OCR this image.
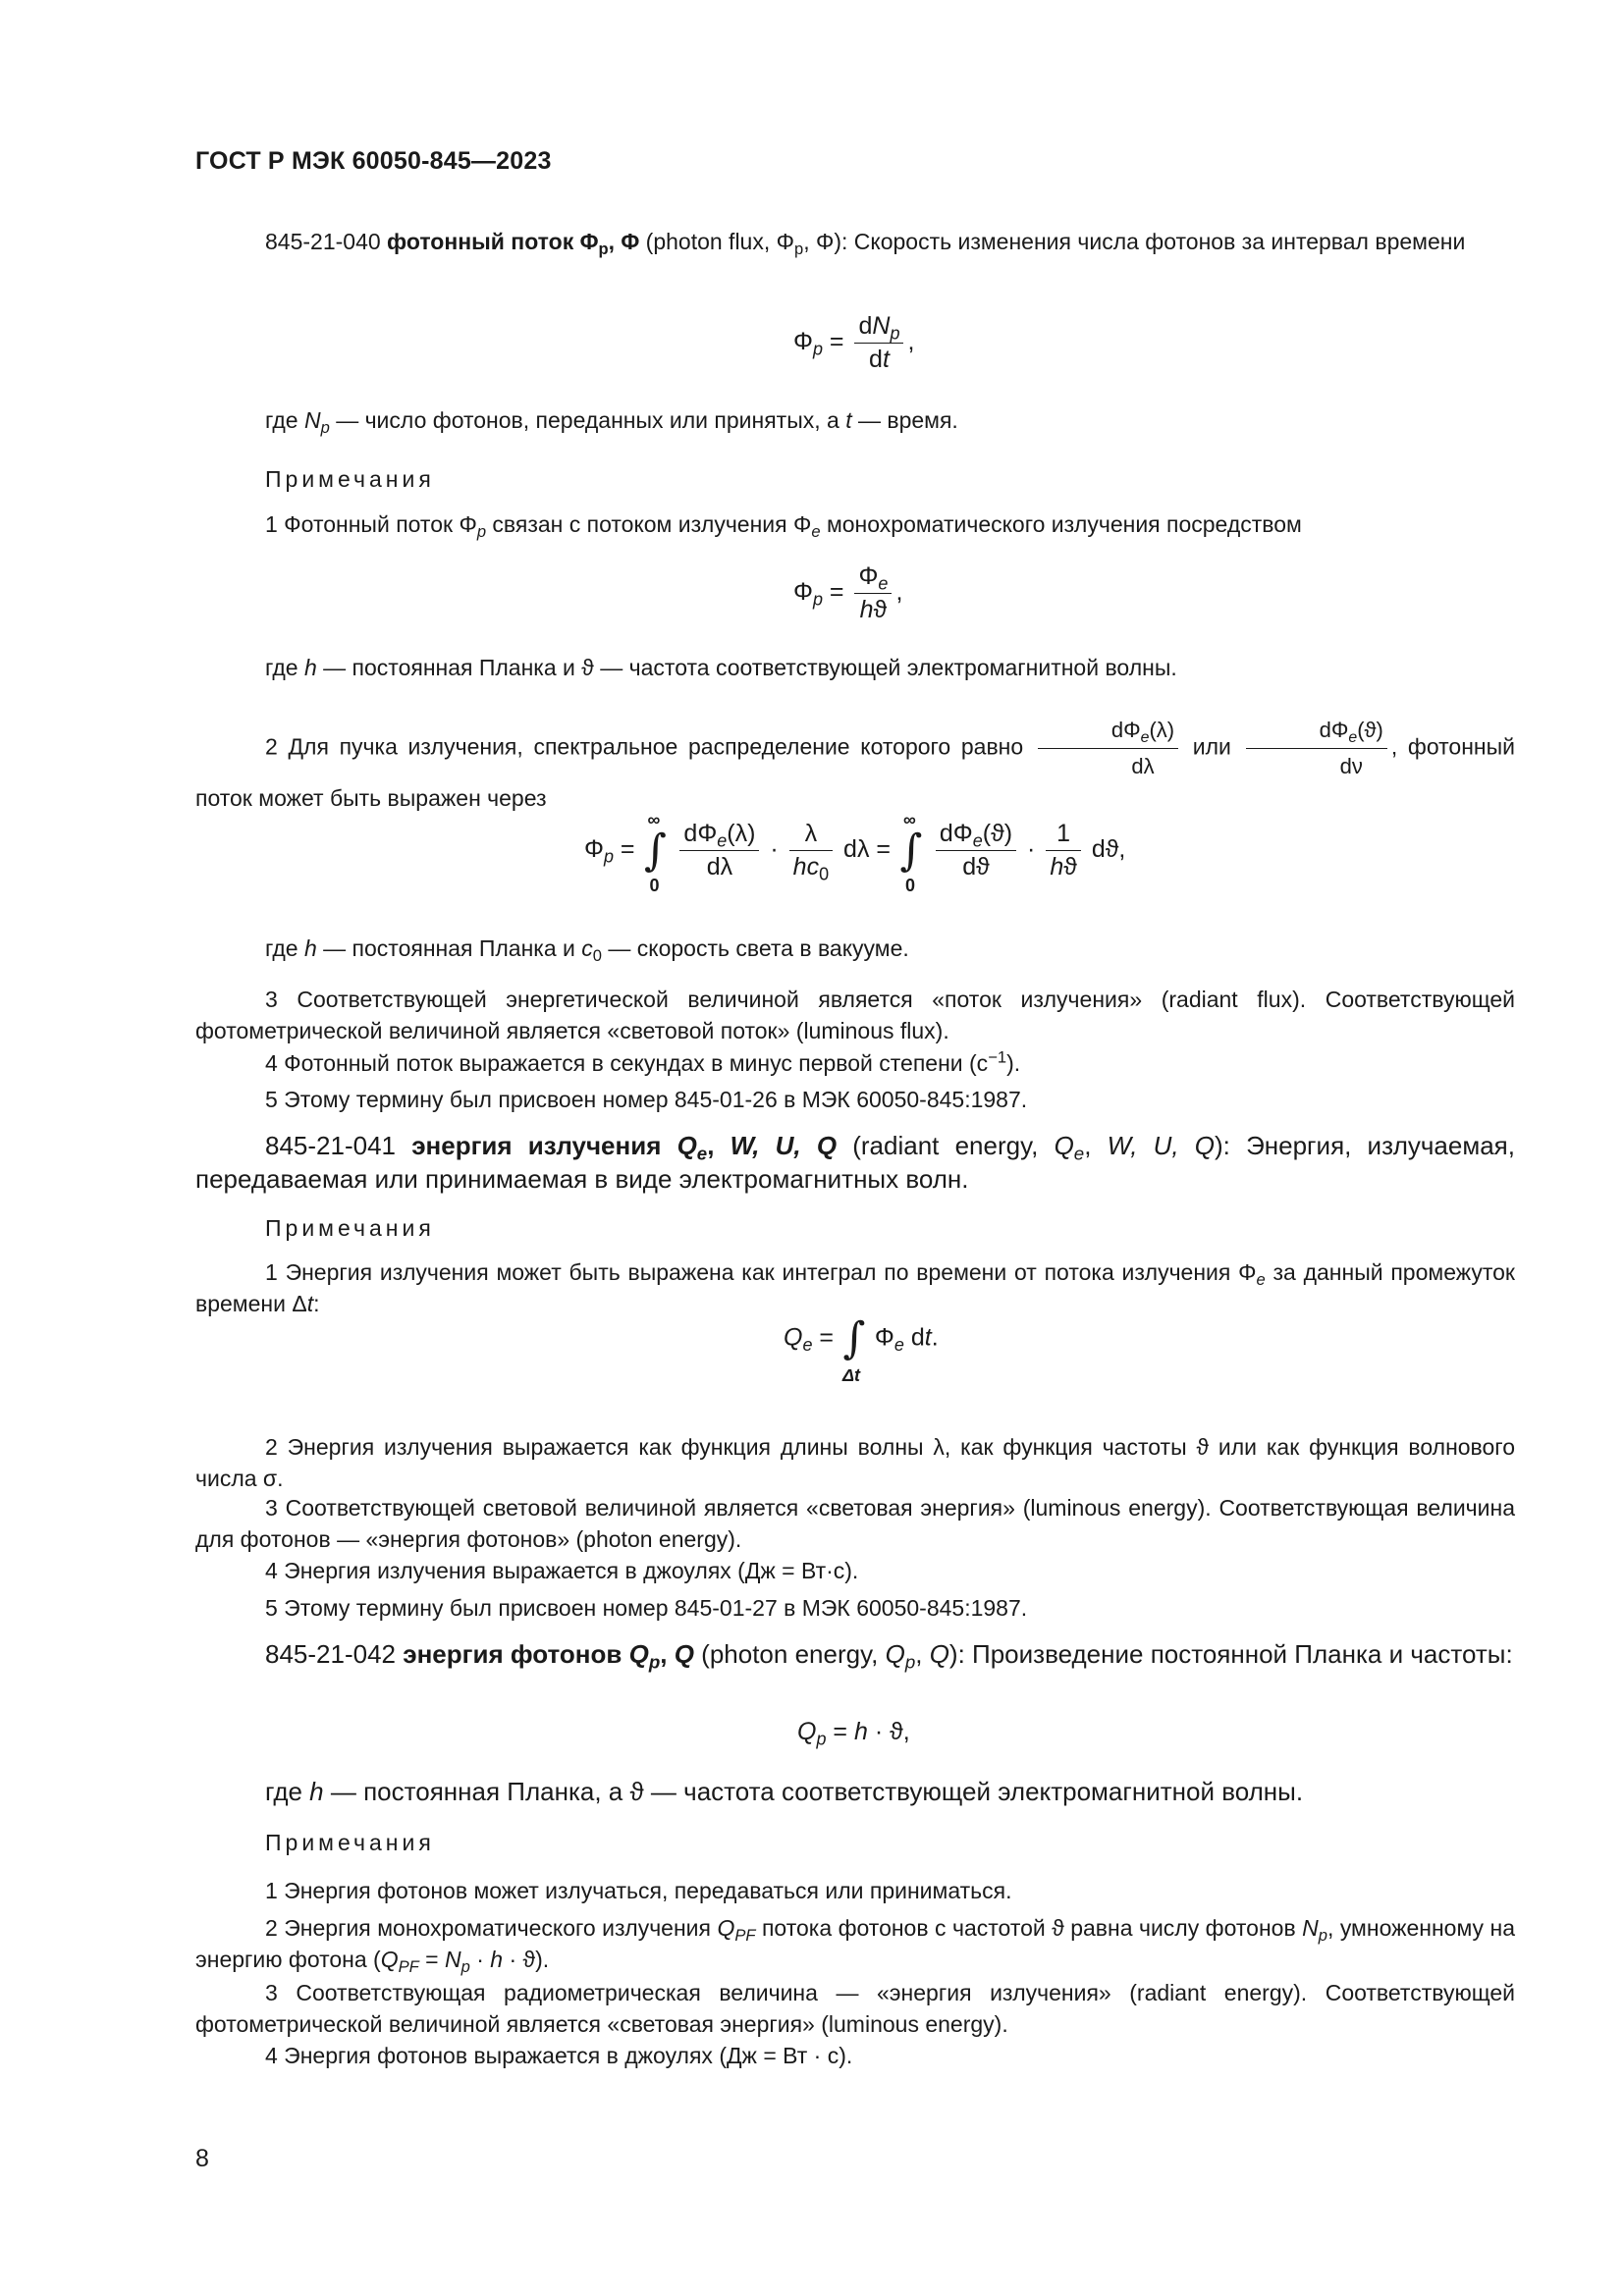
ГОСТ Р МЭК 60050-845—2023
845-21-040 фотонный поток $\Phi_p$, Φ (photon flux, $\Phi_p$, Φ): Скорость изменения числа фотонов за интервал времени
$\Phi_p = \frac{dN_p}{dt}$ ,
где $N_p$ — число фотонов, переданных или принятых, а t — время.
Примечания
1 Фотонный поток $\Phi_p$ связан с потоком излучения $\Phi_e$ монохроматического излучения посредством
$\Phi_p = \frac{\Phi_e}{hϑ}$ ,
где h — постоянная Планка и ϑ — частота соответствующей электромагнитной волны.
2 Для пучка излучения, спектральное распределение которого равно $\frac{d\Phi_e(\lambda)}{d\lambda}$ или $\frac{d\Phi_e(ϑ)}{d\nu}$ , фотонный поток может быть выражен через
$\Phi_p$ =
∞
∫
0

$\frac{d\Phi_e(\lambda)}{d\lambda} \cdot \frac{\lambda}{hc_0}$ dλ =
∞
∫
0

$\frac{d\Phi_e(ϑ)}{dϑ} \cdot \frac{1}{hϑ} dϑ$,
где h — постоянная Планка и $c_0$ — скорость света в вакууме.
3 Соответствующей энергетической величиной является «поток излучения» (radiant flux). Соответствующей фотометрической величиной является «световой поток» (luminous flux).
4 Фотонный поток выражается в секундах в минус первой степени $(с^{-1})$.
5 Этому термину был присвоен номер 845-01-26 в МЭК 60050-845:1987.
845-21-041 энергия излучения $Q_e$, W, U, Q (radiant energy, $Q_e$, W, U, Q): Энергия, излучаемая, передаваемая или принимаемая в виде электромагнитных волн.
Примечания
1 Энергия излучения может быть выражена как интеграл по времени от потока излучения $\Phi_e$ за данный промежуток времени Δt:
$Q_e$ = ∫
Δt
$\Phi_e$ dt.
2 Энергия излучения выражается как функция длины волны λ, как функция частоты ϑ или как функция волнового числа σ.
3 Соответствующей световой величиной является «световая энергия» (luminous energy). Соответствующая величина для фотонов — «энергия фотонов» (photon energy).
4 Энергия излучения выражается в джоулях (Дж = Вт·с).
5 Этому термину был присвоен номер 845-01-27 в МЭК 60050-845:1987.
845-21-042 энергия фотонов $Q_p$, Q (photon energy, $Q_p$, Q): Произведение постоянной Планка и частоты:
$Q_p = h \cdot ϑ$,
где h — постоянная Планка, а ϑ — частота соответствующей электромагнитной волны.
Примечания
1 Энергия фотонов может излучаться, передаваться или приниматься.
2 Энергия монохроматического излучения $Q_{PF}$ потока фотонов с частотой ϑ равна числу фотонов $N_p$, умноженному на энергию фотона $(Q_{PF} = N_p \cdot h \cdot ϑ)$.
3 Соответствующая радиометрическая величина — «энергия излучения» (radiant energy). Соответствующей фотометрической величиной является «световая энергия» (luminous energy).
4 Энергия фотонов выражается в джоулях (Дж = Вт · с).
8
